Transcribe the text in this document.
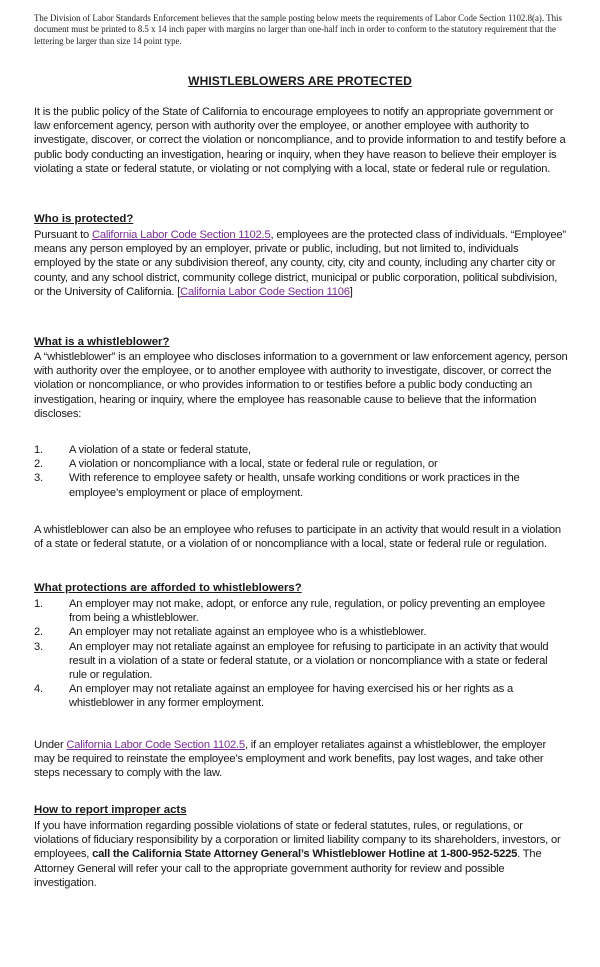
The Division of Labor Standards Enforcement believes that the sample posting below meets the requirements of Labor Code Section 1102.8(a). This document must be printed to 8.5 x 14 inch paper with margins no larger than one-half inch in order to conform to the statutory requirement that the lettering be larger than size 14 point type.
WHISTLEBLOWERS ARE PROTECTED
It is the public policy of the State of California to encourage employees to notify an appropriate government or law enforcement agency, person with authority over the employee, or another employee with authority to investigate, discover, or correct the violation or noncompliance, and to provide information to and testify before a public body conducting an investigation, hearing or inquiry, when they have reason to believe their employer is violating a state or federal statute, or violating or not complying with a local, state or federal rule or regulation.
Who is protected?
Pursuant to California Labor Code Section 1102.5, employees are the protected class of individuals. “Employee” means any person employed by an employer, private or public, including, but not limited to, individuals employed by the state or any subdivision thereof, any county, city, city and county, including any charter city or county, and any school district, community college district, municipal or public corporation, political subdivision, or the University of California. [California Labor Code Section 1106]
What is a whistleblower?
A “whistleblower” is an employee who discloses information to a government or law enforcement agency, person with authority over the employee, or to another employee with authority to investigate, discover, or correct the violation or noncompliance, or who provides information to or testifies before a public body conducting an investigation, hearing or inquiry, where the employee has reasonable cause to believe that the information discloses:
1. A violation of a state or federal statute,
2. A violation or noncompliance with a local, state or federal rule or regulation, or
3. With reference to employee safety or health, unsafe working conditions or work practices in the employee’s employment or place of employment.
A whistleblower can also be an employee who refuses to participate in an activity that would result in a violation of a state or federal statute, or a violation of or noncompliance with a local, state or federal rule or regulation.
What protections are afforded to whistleblowers?
1. An employer may not make, adopt, or enforce any rule, regulation, or policy preventing an employee from being a whistleblower.
2. An employer may not retaliate against an employee who is a whistleblower.
3. An employer may not retaliate against an employee for refusing to participate in an activity that would result in a violation of a state or federal statute, or a violation or noncompliance with a state or federal rule or regulation.
4. An employer may not retaliate against an employee for having exercised his or her rights as a whistleblower in any former employment.
Under California Labor Code Section 1102.5, if an employer retaliates against a whistleblower, the employer may be required to reinstate the employee’s employment and work benefits, pay lost wages, and take other steps necessary to comply with the law.
How to report improper acts
If you have information regarding possible violations of state or federal statutes, rules, or regulations, or violations of fiduciary responsibility by a corporation or limited liability company to its shareholders, investors, or employees, call the California State Attorney General’s Whistleblower Hotline at 1-800-952-5225. The Attorney General will refer your call to the appropriate government authority for review and possible investigation.
